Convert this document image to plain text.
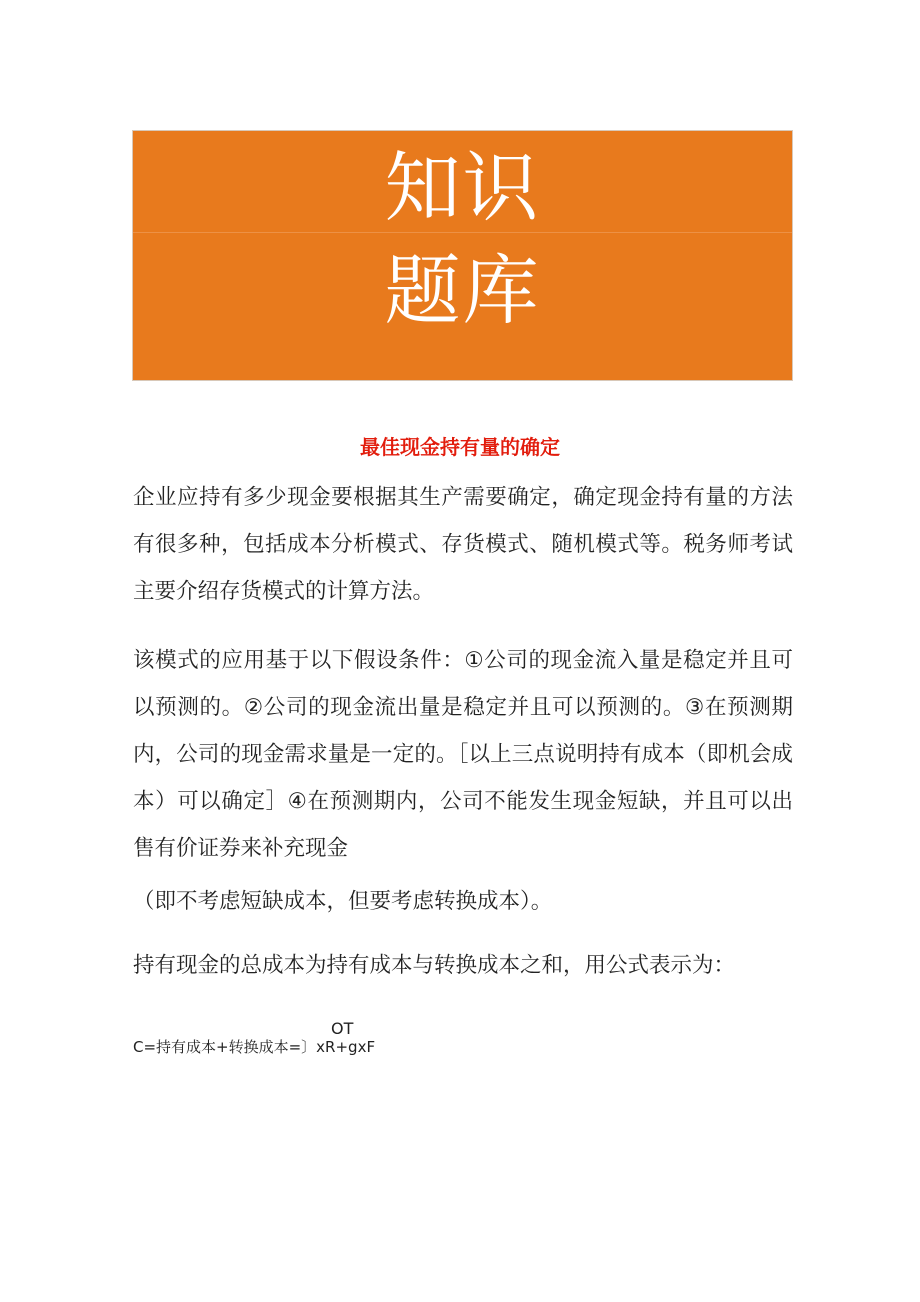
知识
题库
最佳现金持有量的确定

企业应持有多少现金要根据其生产需要确定，确定现金持有量的方法有很多种，包括成本分析模式、存货模式、随机模式等。税务师考试主要介绍存货模式的计算方法。

该模式的应用基于以下假设条件：①公司的现金流入量是稳定并且可以预测的。②公司的现金流出量是稳定并且可以预测的。③在预测期内，公司的现金需求量是一定的。［以上三点说明持有成本（即机会成本）可以确定］④在预测期内，公司不能发生现金短缺，并且可以出售有价证券来补充现金

（即不考虑短缺成本，但要考虑转换成本）。

持有现金的总成本为持有成本与转换成本之和，用公式表示为：

OT
C=持有成本+转换成本=〕xR+gxF
